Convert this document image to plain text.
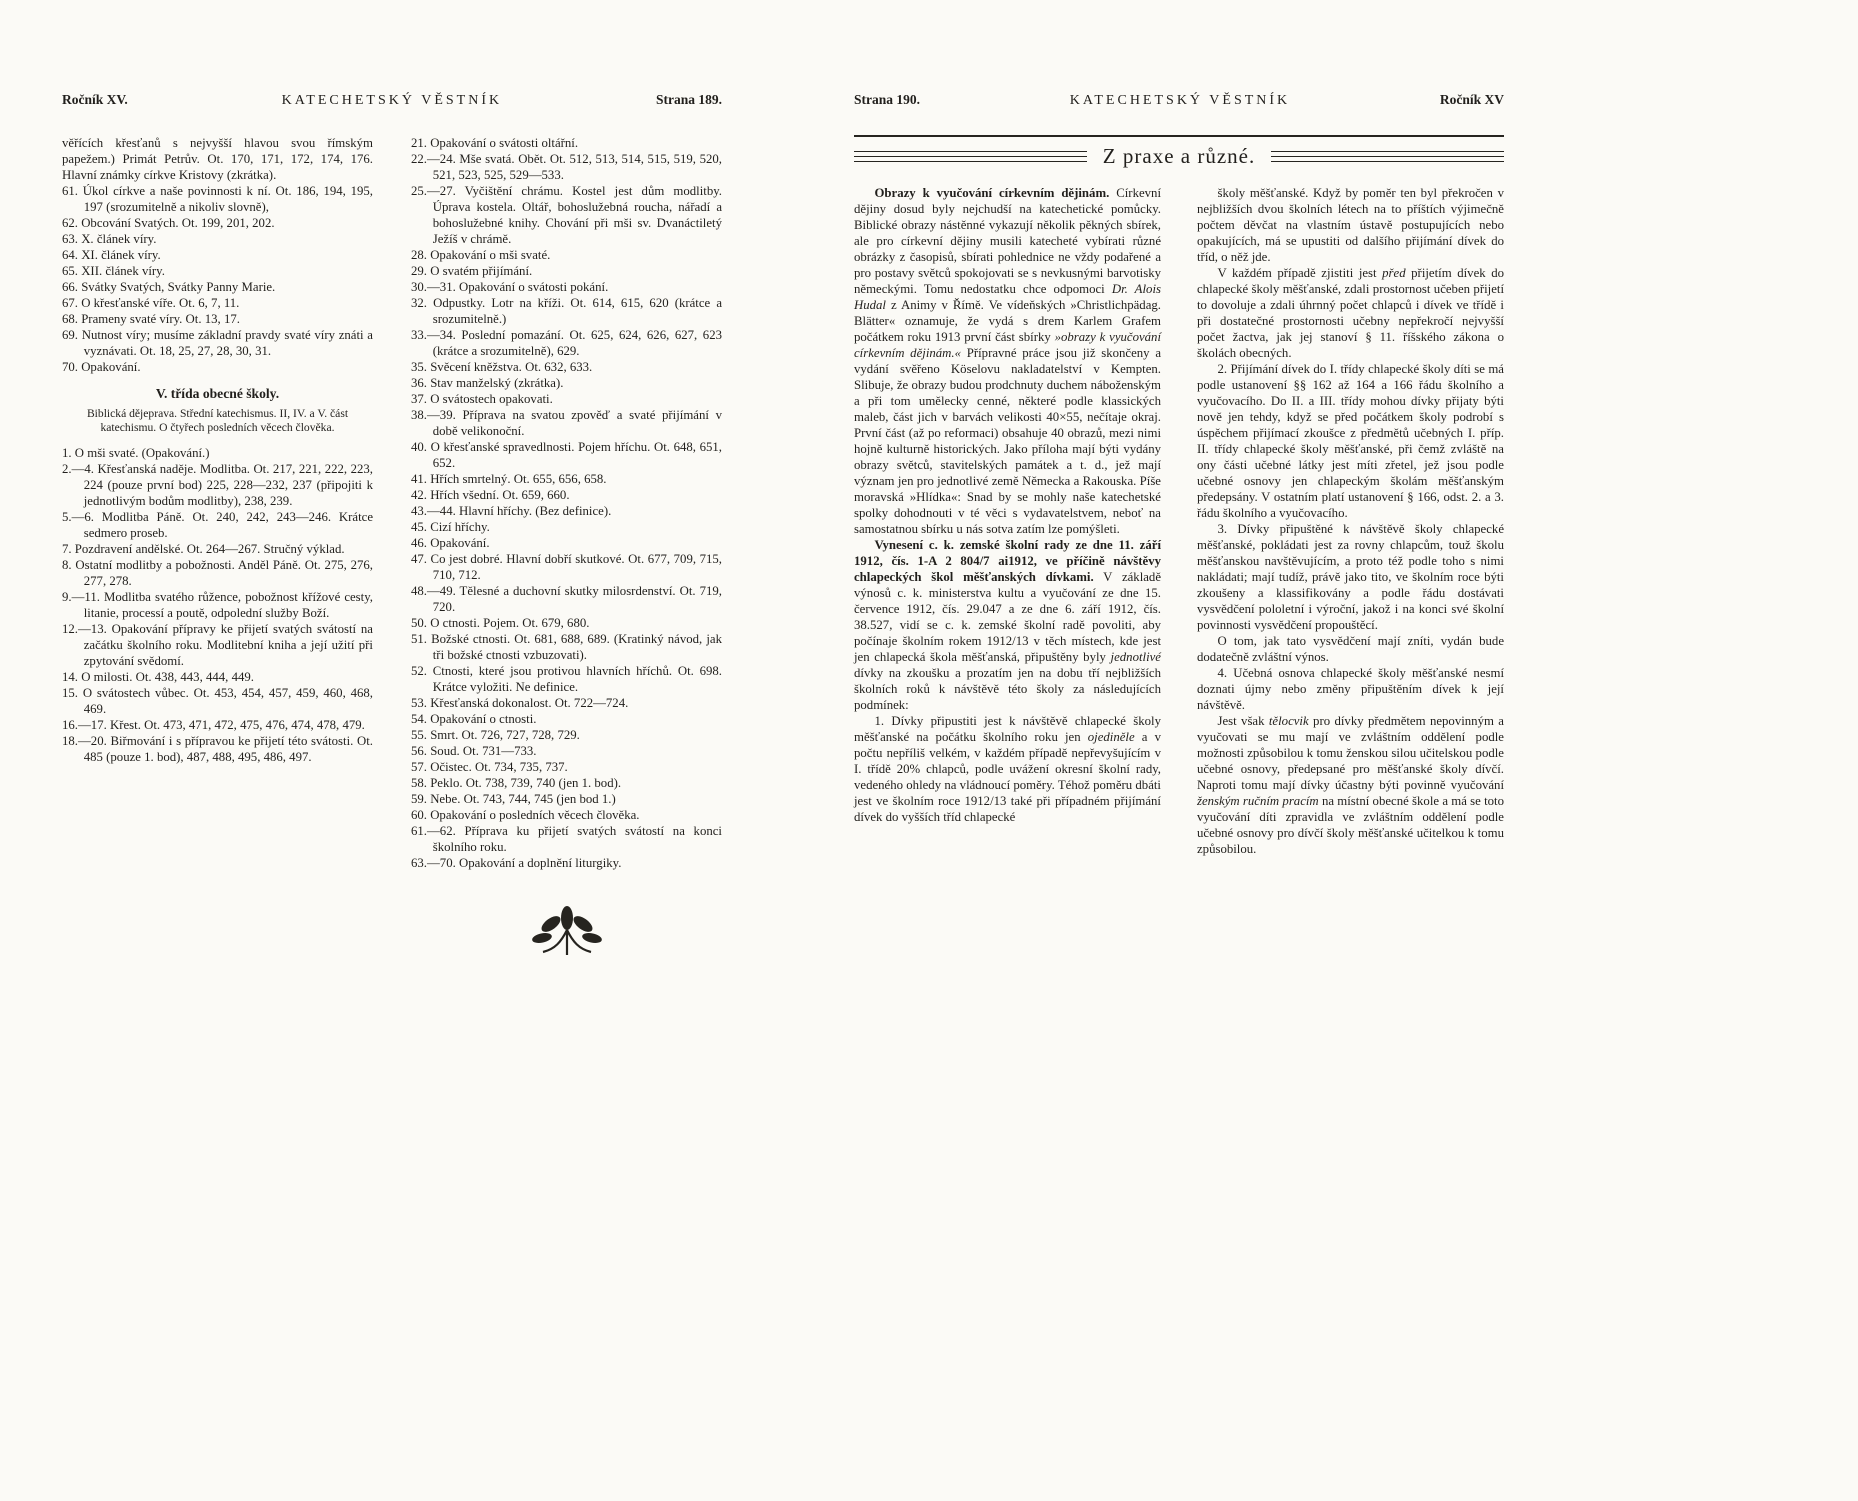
Ročník XV.	KATECHETSKÝ VĚSTNÍK	Strana 189.

věřících křesťanů s nejvyšší hlavou svou římským papežem.) Primát Petrův. Ot. 170, 171, 172, 174, 176. Hlavní známky církve Kristovy (zkrátka).

61. Úkol církve a naše povinnosti k ní. Ot. 186, 194, 195, 197 (srozumitelně a nikoliv slovně),

62. Obcování Svatých. Ot. 199, 201, 202.

63. X. článek víry.

64. XI. článek víry.

65. XII. článek víry.

66. Svátky Svatých, Svátky Panny Marie.

67. O křesťanské víře. Ot. 6, 7, 11.

68. Prameny svaté víry. Ot. 13, 17.

69. Nutnost víry; musíme základní pravdy svaté víry znáti a vyznávati. Ot. 18, 25, 27, 28, 30, 31.

70. Opakování.

V. třída obecné školy.

Biblická dějeprava. Střední katechismus. II, IV. a V. část katechismu. O čtyřech posledních věcech člověka.

1. O mši svaté. (Opakování.)

2.—4. Křesťanská naděje. Modlitba. Ot. 217, 221, 222, 223, 224 (pouze první bod) 225, 228—232, 237 (připojiti k jednotlivým bodům modlitby), 238, 239.

5.—6. Modlitba Páně. Ot. 240, 242, 243—246. Krátce sedmero proseb.

7. Pozdravení andělské. Ot. 264—267. Stručný výklad.

8. Ostatní modlitby a pobožnosti. Anděl Páně. Ot. 275, 276, 277, 278.

9.—11. Modlitba svatého růžence, pobožnost křížové cesty, litanie, processí a poutě, odpolední služby Boží.

12.—13. Opakování přípravy ke přijetí svatých svátostí na začátku školního roku. Modlitební kniha a její užití při zpytování svědomí.

14. O milosti. Ot. 438, 443, 444, 449.

15. O svátostech vůbec. Ot. 453, 454, 457, 459, 460, 468, 469.

16.—17. Křest. Ot. 473, 471, 472, 475, 476, 474, 478, 479.

18.—20. Biřmování i s přípravou ke přijetí této svátosti. Ot. 485 (pouze 1. bod), 487, 488, 495, 486, 497.

21. Opakování o svátosti oltářní.

22.—24. Mše svatá. Obět. Ot. 512, 513, 514, 515, 519, 520, 521, 523, 525, 529—533.

25.—27. Vyčištění chrámu. Kostel jest dům modlitby. Úprava kostela. Oltář, bohoslužebná roucha, nářadí a bohoslužebné knihy. Chování při mši sv. Dvanáctiletý Ježíš v chrámě.

28. Opakování o mši svaté.

29. O svatém přijímání.

30.—31. Opakování o svátosti pokání.

32. Odpustky. Lotr na kříži. Ot. 614, 615, 620 (krátce a srozumitelně.)

33.—34. Poslední pomazání. Ot. 625, 624, 626, 627, 623 (krátce a srozumitelně), 629.

35. Svěcení kněžstva. Ot. 632, 633.

36. Stav manželský (zkrátka).

37. O svátostech opakovati.

38.—39. Příprava na svatou zpověď a svaté přijímání v době velikonoční.

40. O křesťanské spravedlnosti. Pojem hříchu. Ot. 648, 651, 652.

41. Hřích smrtelný. Ot. 655, 656, 658.

42. Hřích všední. Ot. 659, 660.

43.—44. Hlavní hříchy. (Bez definice).

45. Cizí hříchy.

46. Opakování.

47. Co jest dobré. Hlavní dobří skutkové. Ot. 677, 709, 715, 710, 712.

48.—49. Tělesné a duchovní skutky milosrdenství. Ot. 719, 720.

50. O ctnosti. Pojem. Ot. 679, 680.

51. Božské ctnosti. Ot. 681, 688, 689. (Kratinký návod, jak tři božské ctnosti vzbuzovati).

52. Ctnosti, které jsou protivou hlavních hříchů. Ot. 698. Krátce vyložiti. Ne definice.

53. Křesťanská dokonalost. Ot. 722—724.

54. Opakování o ctnosti.

55. Smrt. Ot. 726, 727, 728, 729.

56. Soud. Ot. 731—733.

57. Očistec. Ot. 734, 735, 737.

58. Peklo. Ot. 738, 739, 740 (jen 1. bod).

59. Nebe. Ot. 743, 744, 745 (jen bod 1.)

60. Opakování o posledních věcech člověka.

61.—62. Příprava ku přijetí svatých svátostí na konci školního roku.

63.—70. Opakování a doplnění liturgiky.

Strana 190.	KATECHETSKÝ VĚSTNÍK	Ročník XV
Z praxe a různé.

Obrazy k vyučování církevním dějinám. Církevní dějiny dosud byly nejchudší na katechetické pomůcky. Biblické obrazy nástěnné vykazují několik pěkných sbírek, ale pro církevní dějiny musili katecheté vybírati různé obrázky z časopisů, sbírati pohlednice ne vždy podařené a pro postavy světců spokojovati se s nevkusnými barvotisky německými. Tomu nedostatku chce odpomoci Dr. Alois Hudal z Animy v Římě. Ve vídeňských »Christlichpädag. Blätter« oznamuje, že vydá s drem Karlem Grafem počátkem roku 1913 první část sbírky »obrazy k vyučování církevním dějinám.« Přípravné práce jsou již skončeny a vydání svěřeno Köselovu nakladatelství v Kempten. Slibuje, že obrazy budou prodchnuty duchem náboženským a při tom umělecky cenné, některé podle klassických maleb, část jich v barvách velikosti 40×55, nečítaje okraj. První část (až po reformaci) obsahuje 40 obrazů, mezi nimi hojně kulturně historických. Jako příloha mají býti vydány obrazy světců, stavitelských památek a t. d., jež mají význam jen pro jednotlivé země Německa a Rakouska. Píše moravská »Hlídka«: Snad by se mohly naše katechetské spolky dohodnouti v té věci s vydavatelstvem, neboť na samostatnou sbírku u nás sotva zatím lze pomýšleti.

Vynesení c. k. zemské školní rady ze dne 11. září 1912, čís. 1-A 2 804/7 ai1912, ve příčině návštěvy chlapeckých škol měšťanských dívkami. V základě výnosů c. k. ministerstva kultu a vyučování ze dne 15. července 1912, čís. 29.047 a ze dne 6. září 1912, čís. 38.527, vidí se c. k. zemské školní radě povoliti, aby počínaje školním rokem 1912/13 v těch místech, kde jest jen chlapecká škola měšťanská, připuštěny byly jednotlivé dívky na zkoušku a prozatím jen na dobu tří nejbližších školních roků k návštěvě této školy za následujících podmínek:

1. Dívky připustiti jest k návštěvě chlapecké školy měšťanské na počátku školního roku jen ojediněle a v počtu nepříliš velkém, v každém případě nepřevyšujícím v I. třídě 20% chlapců, podle uvážení okresní školní rady, vedeného ohledy na vládnoucí poměry. Téhož poměru dbáti jest ve školním roce 1912/13 také při případném přijímání dívek do vyšších tříd chlapecké

školy měšťanské. Když by poměr ten byl překročen v nejbližších dvou školních létech na to příštích výjimečně počtem děvčat na vlastním ústavě postupujících nebo opakujících, má se upustiti od dalšího přijímání dívek do tříd, o něž jde.

V každém případě zjistiti jest před přijetím dívek do chlapecké školy měšťanské, zdali prostornost učeben přijetí to dovoluje a zdali úhrnný počet chlapců i dívek ve třídě i při dostatečné prostornosti učebny nepřekročí nejvyšší počet žactva, jak jej stanoví § 11. říšského zákona o školách obecných.

2. Přijímání dívek do I. třídy chlapecké školy díti se má podle ustanovení §§ 162 až 164 a 166 řádu školního a vyučovacího. Do II. a III. třídy mohou dívky přijaty býti nově jen tehdy, když se před počátkem školy podrobí s úspěchem přijímací zkoušce z předmětů učebných I. příp. II. třídy chlapecké školy měšťanské, při čemž zvláště na ony části učebné látky jest míti zřetel, jež jsou podle učebné osnovy jen chlapeckým školám měšťanským předepsány. V ostatním platí ustanovení § 166, odst. 2. a 3. řádu školního a vyučovacího.

3. Dívky připuštěné k návštěvě školy chlapecké měšťanské, pokládati jest za rovny chlapcům, touž školu měšťanskou navštěvujícím, a proto též podle toho s nimi nakládati; mají tudíž, právě jako tito, ve školním roce býti zkoušeny a klassifikovány a podle řádu dostávati vysvědčení pololetní i výroční, jakož i na konci své školní povinnosti vysvědčení propouštěcí.

O tom, jak tato vysvědčení mají zníti, vydán bude dodatečně zvláštní výnos.

4. Učebná osnova chlapecké školy měšťanské nesmí doznati újmy nebo změny připuštěním dívek k její návštěvě.

Jest však tělocvik pro dívky předmětem nepovinným a vyučovati se mu mají ve zvláštním oddělení podle možnosti způsobilou k tomu ženskou silou učitelskou podle učebné osnovy, předepsané pro měšťanské školy dívčí. Naproti tomu mají dívky účastny býti povinně vyučování ženským ručním pracím na místní obecné škole a má se toto vyučování díti zpravidla ve zvláštním oddělení podle učebné osnovy pro dívčí školy měšťanské učitelkou k tomu způsobilou.
